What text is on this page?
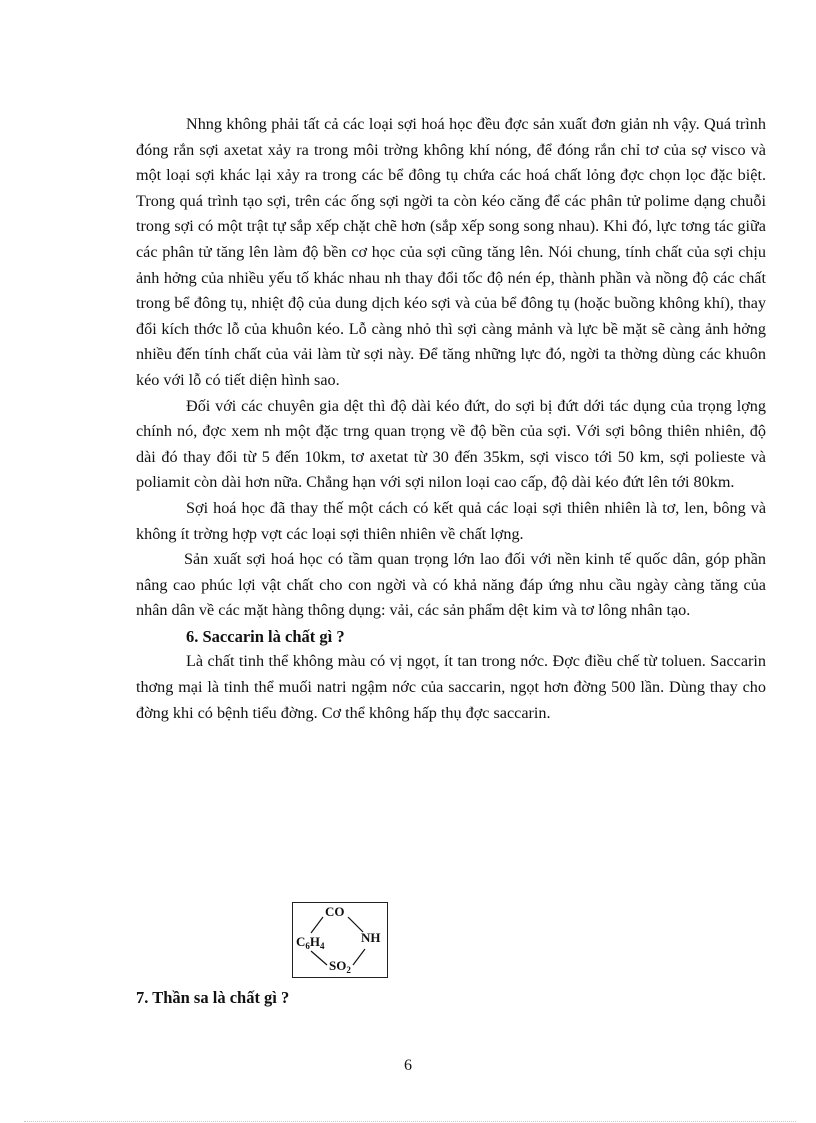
Nhng không phải tất cả các loại sợi hoá học đều đợc sản xuất đơn giản nh vậy. Quá trình đóng rắn sợi axetat xảy ra trong môi trờng không khí nóng, để đóng rắn chỉ tơ của sợ visco và một loại sợi khác lại xảy ra trong các bể đông tụ chứa các hoá chất lỏng đợc chọn lọc đặc biệt. Trong quá trình tạo sợi, trên các ống sợi ngời ta còn kéo căng để các phân tử polime dạng chuỗi trong sợi có một trật tự sắp xếp chặt chẽ hơn (sắp xếp song song nhau). Khi đó, lực tơng tác giữa các phân tử tăng lên làm độ bền cơ học của sợi cũng tăng lên. Nói chung, tính chất của sợi chịu ảnh hởng của nhiều yếu tố khác nhau nh thay đổi tốc độ nén ép, thành phần và nồng độ các chất trong bể đông tụ, nhiệt độ của dung dịch kéo sợi và của bể đông tụ (hoặc buồng không khí), thay đổi kích thớc lỗ của khuôn kéo. Lỗ càng nhỏ thì sợi càng mảnh và lực bề mặt sẽ càng ảnh hởng nhiều đến tính chất của vải làm từ sợi này. Để tăng những lực đó, ngời ta thờng dùng các khuôn kéo với lỗ có tiết diện hình sao.

Đối với các chuyên gia dệt thì độ dài kéo đứt, do sợi bị đứt dới tác dụng của trọng lợng chính nó, đợc xem nh một đặc trng quan trọng về độ bền của sợi. Với sợi bông thiên nhiên, độ dài đó thay đổi từ 5 đến 10km, tơ axetat từ 30 đến 35km, sợi visco tới 50 km, sợi polieste và poliamit còn dài hơn nữa. Chẳng hạn với sợi nilon loại cao cấp, độ dài kéo đứt lên tới 80km.

Sợi hoá học đã thay thế một cách có kết quả các loại sợi thiên nhiên là tơ, len, bông và không ít trờng hợp vợt các loại sợi thiên nhiên về chất lợng.

Sản xuất sợi hoá học có tầm quan trọng lớn lao đối với nền kinh tế quốc dân, góp phần nâng cao phúc lợi vật chất cho con ngời và có khả năng đáp ứng nhu cầu ngày càng tăng của nhân dân về các mặt hàng thông dụng: vải, các sản phẩm dệt kim và tơ lông nhân tạo.

6. Saccarin là chất gì ?

Là chất tinh thể không màu có vị ngọt, ít tan trong nớc. Đợc điều chế từ toluen. Saccarin thơng mại là tinh thể muối natri ngậm nớc của saccarin, ngọt hơn đờng 500 lần. Dùng thay cho đờng khi có bệnh tiểu đờng. Cơ thể không hấp thụ đợc saccarin.

CO
$C_6H_4$
NH
$SO_2$

7. Thần sa là chất gì ?

6
